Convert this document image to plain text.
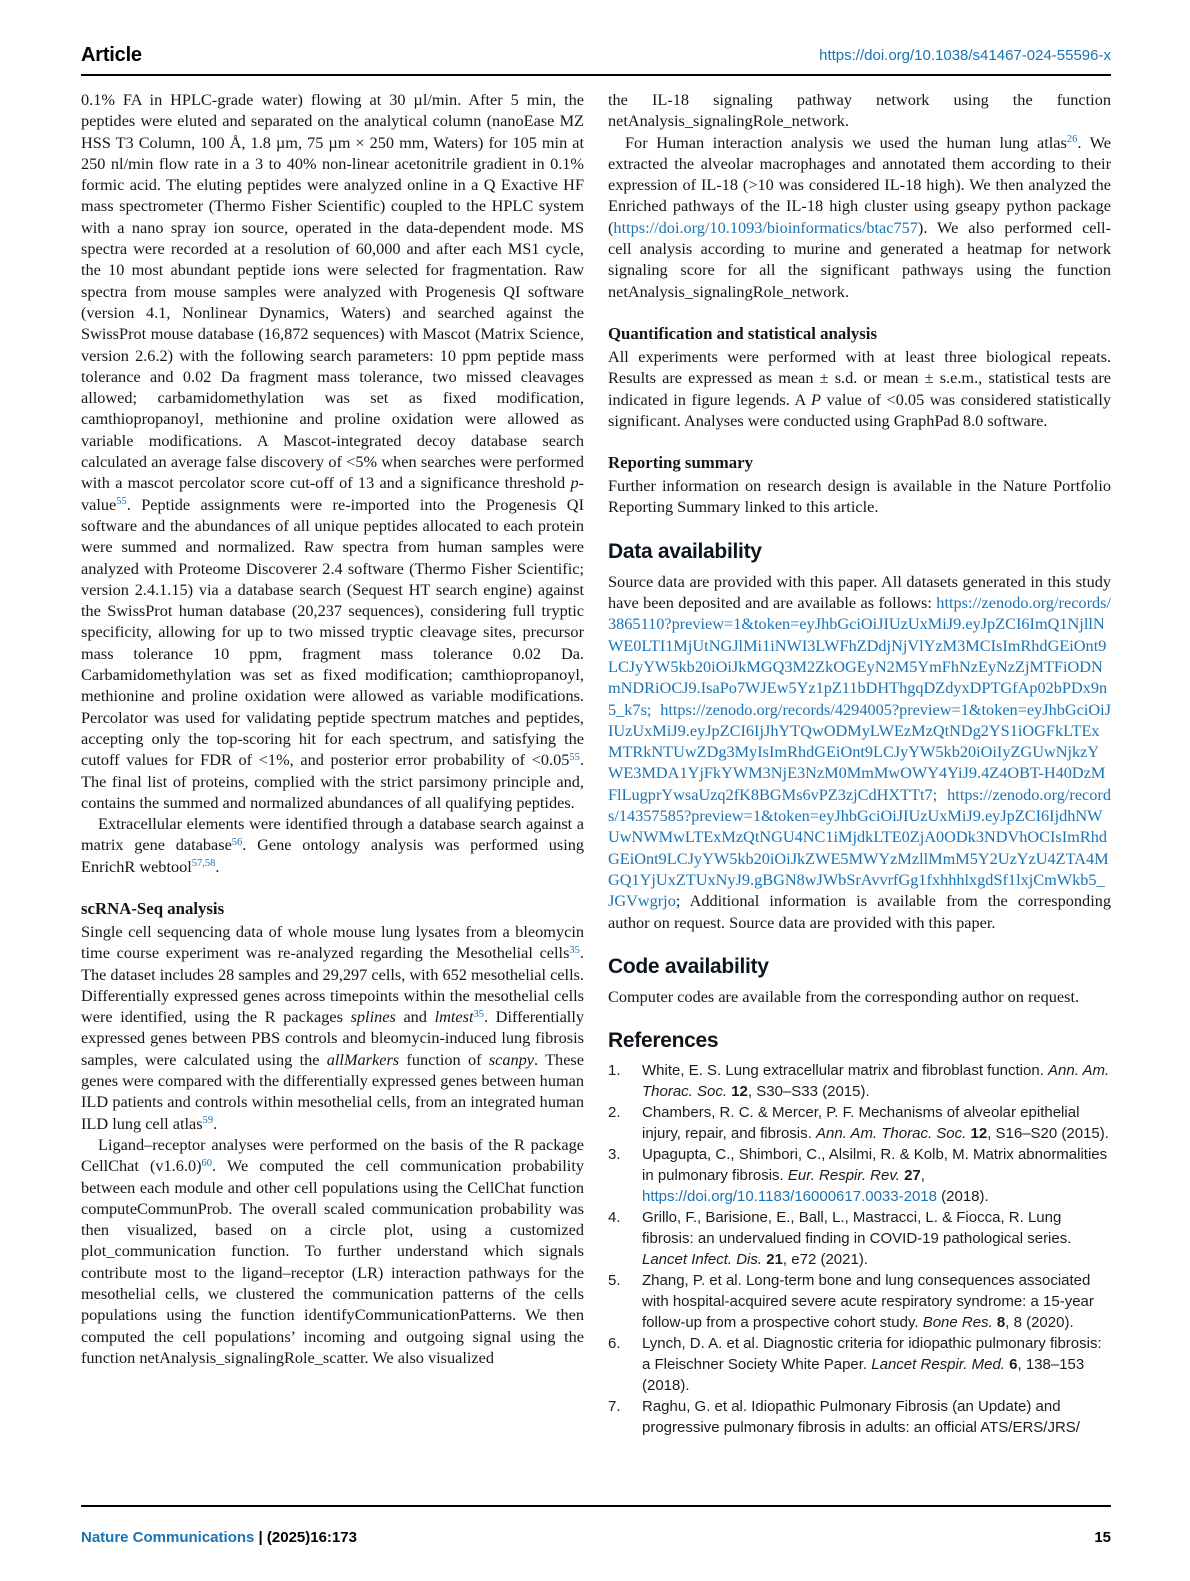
Article	https://doi.org/10.1038/s41467-024-55596-x

0.1% FA in HPLC-grade water) flowing at 30 µl/min. After 5 min, the peptides were eluted and separated on the analytical column (nanoEase MZ HSS T3 Column, 100 Å, 1.8 µm, 75 µm × 250 mm, Waters) for 105 min at 250 nl/min flow rate in a 3 to 40% non-linear acetonitrile gradient in 0.1% formic acid. The eluting peptides were analyzed online in a Q Exactive HF mass spectrometer (Thermo Fisher Scientific) coupled to the HPLC system with a nano spray ion source, operated in the data-dependent mode. MS spectra were recorded at a resolution of 60,000 and after each MS1 cycle, the 10 most abundant peptide ions were selected for fragmentation. Raw spectra from mouse samples were analyzed with Progenesis QI software (version 4.1, Nonlinear Dynamics, Waters) and searched against the SwissProt mouse database (16,872 sequences) with Mascot (Matrix Science, version 2.6.2) with the following search parameters: 10 ppm peptide mass tolerance and 0.02 Da fragment mass tolerance, two missed cleavages allowed; carbamidomethylation was set as fixed modification, camthiopropanoyl, methionine and proline oxidation were allowed as variable modifications. A Mascot-integrated decoy database search calculated an average false discovery of <5% when searches were performed with a mascot percolator score cut-off of 13 and a significance threshold p-value$^{55}$. Peptide assignments were re-imported into the Progenesis QI software and the abundances of all unique peptides allocated to each protein were summed and normalized. Raw spectra from human samples were analyzed with Proteome Discoverer 2.4 software (Thermo Fisher Scientific; version 2.4.1.15) via a database search (Sequest HT search engine) against the SwissProt human database (20,237 sequences), considering full tryptic specificity, allowing for up to two missed tryptic cleavage sites, precursor mass tolerance 10 ppm, fragment mass tolerance 0.02 Da. Carbamidomethylation was set as fixed modification; camthiopropanoyl, methionine and proline oxidation were allowed as variable modifications. Percolator was used for validating peptide spectrum matches and peptides, accepting only the top-scoring hit for each spectrum, and satisfying the cutoff values for FDR of <1%, and posterior error probability of $<0.05^{55}$. The final list of proteins, complied with the strict parsimony principle and, contains the summed and normalized abundances of all qualifying peptides.

Extracellular elements were identified through a database search against a matrix gene database$^{56}$. Gene ontology analysis was performed using EnrichR webtool$^{57,58}$.

scRNA-Seq analysis

Single cell sequencing data of whole mouse lung lysates from a bleomycin time course experiment was re-analyzed regarding the Mesothelial cells$^{35}$. The dataset includes 28 samples and 29,297 cells, with 652 mesothelial cells. Differentially expressed genes across timepoints within the mesothelial cells were identified, using the R packages splines and lmtest$^{35}$. Differentially expressed genes between PBS controls and bleomycin-induced lung fibrosis samples, were calculated using the allMarkers function of scanpy. These genes were compared with the differentially expressed genes between human ILD patients and controls within mesothelial cells, from an integrated human ILD lung cell atlas$^{59}$.

Ligand–receptor analyses were performed on the basis of the R package CellChat $(v1.6.0)^{60}$. We computed the cell communication probability between each module and other cell populations using the CellChat function computeCommunProb. The overall scaled communication probability was then visualized, based on a circle plot, using a customized plot_communication function. To further understand which signals contribute most to the ligand–receptor (LR) interaction pathways for the mesothelial cells, we clustered the communication patterns of the cells populations using the function identifyCommunicationPatterns. We then computed the cell populations’ incoming and outgoing signal using the function netAnalysis_signalingRole_scatter. We also visualized

the IL-18 signaling pathway network using the function netAnalysis_signalingRole_network.

For Human interaction analysis we used the human lung atlas$^{26}$. We extracted the alveolar macrophages and annotated them according to their expression of IL-18 (>10 was considered IL-18 high). We then analyzed the Enriched pathways of the IL-18 high cluster using gseapy python package (https://doi.org/10.1093/bioinformatics/btac757). We also performed cell-cell analysis according to murine and generated a heatmap for network signaling score for all the significant pathways using the function netAnalysis_signalingRole_network.

Quantification and statistical analysis

All experiments were performed with at least three biological repeats. Results are expressed as mean ± s.d. or mean ± s.e.m., statistical tests are indicated in figure legends. A P value of <0.05 was considered statistically significant. Analyses were conducted using GraphPad 8.0 software.

Reporting summary

Further information on research design is available in the Nature Portfolio Reporting Summary linked to this article.

Data availability

Source data are provided with this paper. All datasets generated in this study have been deposited and are available as follows: https://zenodo.org/records/3865110?preview=1&token=eyJhbGciOiJIUzUxMiJ9.eyJpZCI6ImQ1NjllNWE0LTI1MjUtNGJlMi1iNWI3LWFhZDdjNjVlYzM3MCIsImRhdGEiOnt9LCJyYW5kb20iOiJkMGQ3M2ZkOGEyN2M5YmFhNzEyNzZjMTFiODNmNDRiOCJ9.IsaPo7WJEw5Yz1pZ11bDHThgqDZdyxDPTGfAp02bPDx9n5_k7s; https://zenodo.org/records/4294005?preview=1&token=eyJhbGciOiJIUzUxMiJ9.eyJpZCI6IjJhYTQwODMyLWEzMzQtNDg2YS1iOGFkLTExMTRkNTUwZDg3MyIsImRhdGEiOnt9LCJyYW5kb20iOiIyZGUwNjkzYWE3MDA1YjFkYWM3NjE3NzM0MmMwOWY4YiJ9.4Z4OBT-H40DzMFlLugprYwsaUzq2fK8BGMs6vPZ3zjCdHXTTt7; https://zenodo.org/records/14357585?preview=1&token=eyJhbGciOiJIUzUxMiJ9.eyJpZCI6IjdhNWUwNWMwLTExMzQtNGU4NC1iMjdkLTE0ZjA0ODk3NDVhOCIsImRhdGEiOnt9LCJyYW5kb20iOiJkZWE5MWYzMzllMmM5Y2UzYzU4ZTA4MGQ1YjUxZTUxNyJ9.gBGN8wJWbSrAvvrfGg1fxhhhlxgdSf1lxjCmWkb5_JGVwgrjo; Additional information is available from the corresponding author on request. Source data are provided with this paper.

Code availability

Computer codes are available from the corresponding author on request.

References
1.	White, E. S. Lung extracellular matrix and fibroblast function. Ann. Am. Thorac. Soc. 12, S30–S33 (2015).
2.	Chambers, R. C. & Mercer, P. F. Mechanisms of alveolar epithelial injury, repair, and fibrosis. Ann. Am. Thorac. Soc. 12, S16–S20 (2015).
3.	Upagupta, C., Shimbori, C., Alsilmi, R. & Kolb, M. Matrix abnormalities in pulmonary fibrosis. Eur. Respir. Rev. 27, https://doi.org/10.1183/16000617.0033-2018 (2018).
4.	Grillo, F., Barisione, E., Ball, L., Mastracci, L. & Fiocca, R. Lung fibrosis: an undervalued finding in COVID-19 pathological series. Lancet Infect. Dis. 21, e72 (2021).
5.	Zhang, P. et al. Long-term bone and lung consequences associated with hospital-acquired severe acute respiratory syndrome: a 15-year follow-up from a prospective cohort study. Bone Res. 8, 8 (2020).
6.	Lynch, D. A. et al. Diagnostic criteria for idiopathic pulmonary fibrosis: a Fleischner Society White Paper. Lancet Respir. Med. 6, 138–153 (2018).
7.	Raghu, G. et al. Idiopathic Pulmonary Fibrosis (an Update) and progressive pulmonary fibrosis in adults: an official ATS/ERS/JRS/
Nature Communications | (2025)16:173	15
